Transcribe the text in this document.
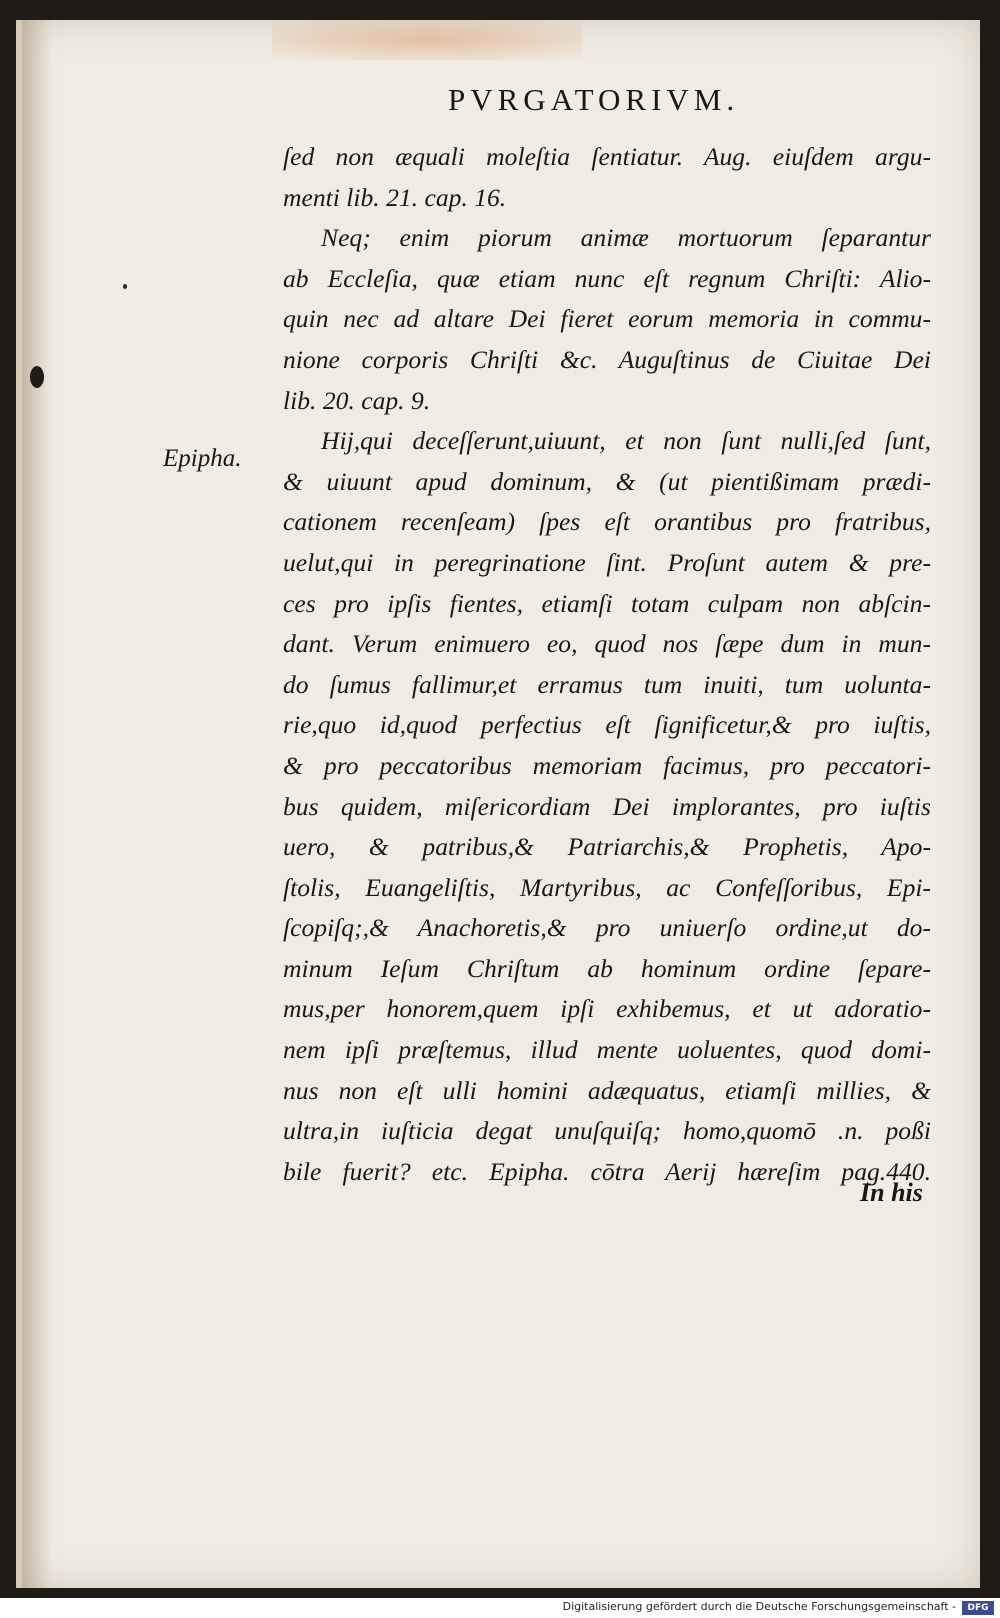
PVRGATORIVM.
Epipha.
ſed non æquali moleſtia ſentiatur. Aug. eiuſdem argu-
menti lib. 21. cap. 16.
Neq; enim piorum animæ mortuorum ſeparantur
ab Eccleſia, quæ etiam nunc eſt regnum Chriſti: Alio-
quin nec ad altare Dei fieret eorum memoria in commu-
nione corporis Chriſti &c. Auguſtinus de Ciuitae Dei
lib. 20. cap. 9.
Hij,qui deceſſerunt,uiuunt, et non ſunt nulli,ſed ſunt,
& uiuunt apud dominum, & (ut pientißimam prædi-
cationem recenſeam) ſpes eſt orantibus pro fratribus,
uelut,qui in peregrinatione ſint. Proſunt autem & pre-
ces pro ipſis fientes, etiamſi totam culpam non abſcin-
dant. Verum enimuero eo, quod nos ſæpe dum in mun-
do ſumus fallimur,et erramus tum inuiti, tum uolunta-
rie,quo id,quod perfectius eſt ſignificetur,& pro iuſtis,
& pro peccatoribus memoriam facimus, pro peccatori-
bus quidem, miſericordiam Dei implorantes, pro iuſtis
uero, & patribus,& Patriarchis,& Prophetis, Apo-
ſtolis, Euangeliſtis, Martyribus, ac Confeſſoribus, Epi-
ſcopiſq;,& Anachoretis,& pro uniuerſo ordine,ut do-
minum Ieſum Chriſtum ab hominum ordine ſepare-
mus,per honorem,quem ipſi exhibemus, et ut adoratio-
nem ipſi præſtemus, illud mente uoluentes, quod domi-
nus non eſt ulli homini adæquatus, etiamſi millies, &
ultra,in iuſticia degat unuſquiſq; homo,quomō .n. poßi
bile fuerit? etc. Epipha. cōtra Aerij hæreſim pag.440.
In his
Digitalisierung gefördert durch die Deutsche Forschungsgemeinschaft -	DFG
